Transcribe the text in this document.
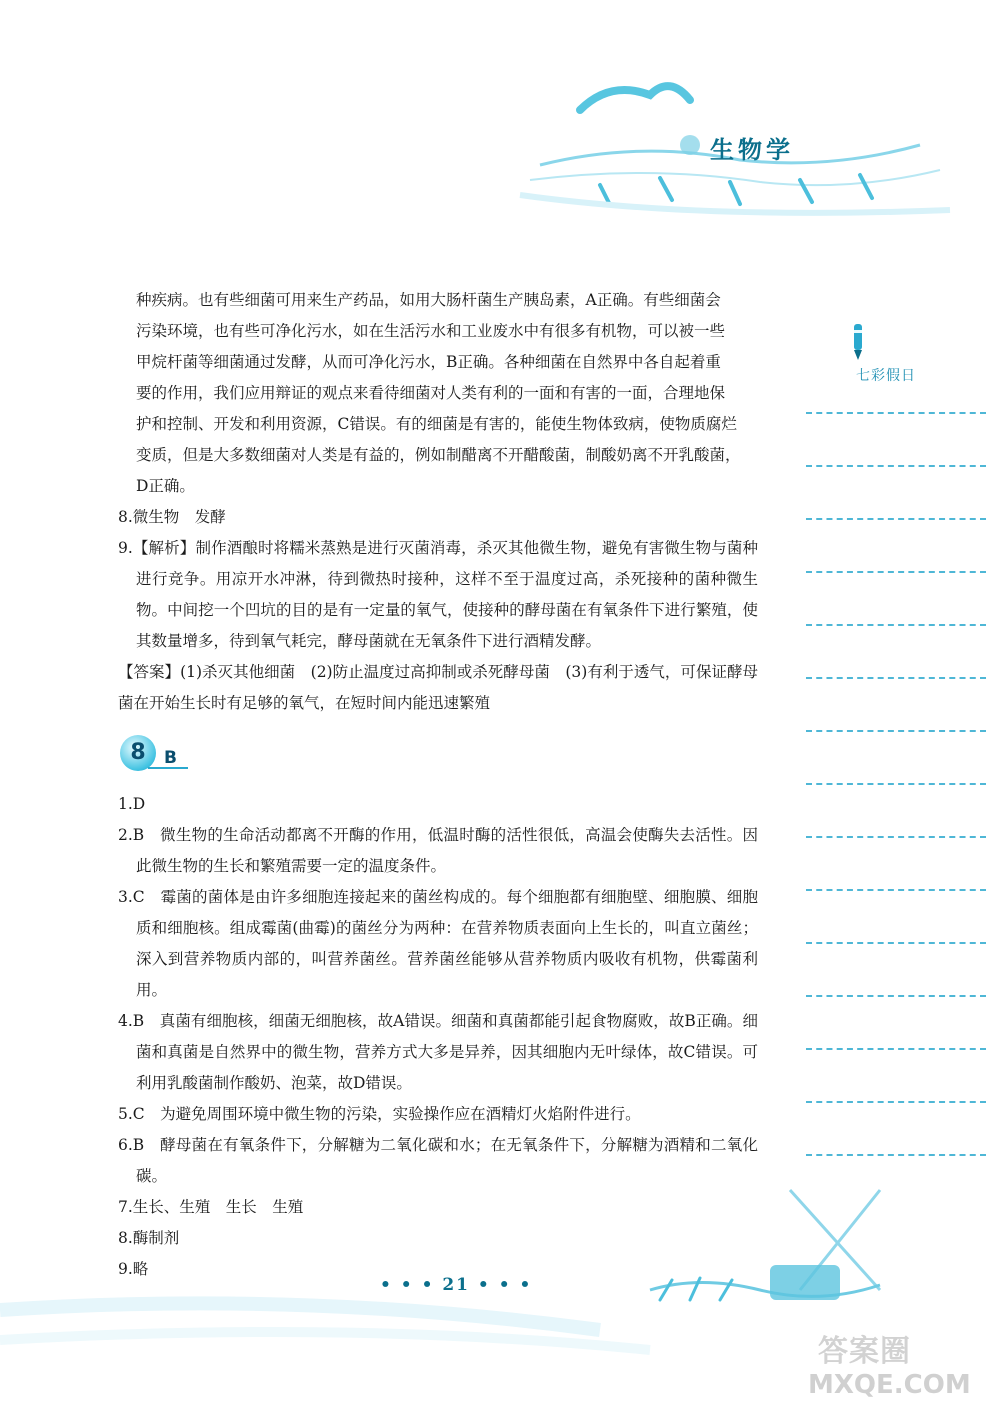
生物学

种疾病。也有些细菌可用来生产药品，如用大肠杆菌生产胰岛素，A正确。有些细菌会

污染环境，也有些可净化污水，如在生活污水和工业废水中有很多有机物，可以被一些

甲烷杆菌等细菌通过发酵，从而可净化污水，B正确。各种细菌在自然界中各自起着重

要的作用，我们应用辩证的观点来看待细菌对人类有利的一面和有害的一面，合理地保

护和控制、开发和利用资源，C错误。有的细菌是有害的，能使生物体致病，使物质腐烂

变质，但是大多数细菌对人类是有益的，例如制醋离不开醋酸菌，制酸奶离不开乳酸菌，

D正确。

8.微生物　发酵

9.【解析】制作酒酿时将糯米蒸熟是进行灭菌消毒，杀灭其他微生物，避免有害微生物与菌种进行竞争。用凉开水冲淋，待到微热时接种，这样不至于温度过高，杀死接种的菌种微生物。中间挖一个凹坑的目的是有一定量的氧气，使接种的酵母菌在有氧条件下进行繁殖，使其数量增多，待到氧气耗完，酵母菌就在无氧条件下进行酒精发酵。

【答案】(1)杀灭其他细菌　(2)防止温度过高抑制或杀死酵母菌　(3)有利于透气，可保证酵母菌在开始生长时有足够的氧气，在短时间内能迅速繁殖

8	B

1.D

2.B　微生物的生命活动都离不开酶的作用，低温时酶的活性很低，高温会使酶失去活性。因此微生物的生长和繁殖需要一定的温度条件。

3.C　霉菌的菌体是由许多细胞连接起来的菌丝构成的。每个细胞都有细胞壁、细胞膜、细胞质和细胞核。组成霉菌(曲霉)的菌丝分为两种：在营养物质表面向上生长的，叫直立菌丝；深入到营养物质内部的，叫营养菌丝。营养菌丝能够从营养物质内吸收有机物，供霉菌利用。

4.B　真菌有细胞核，细菌无细胞核，故A错误。细菌和真菌都能引起食物腐败，故B正确。细菌和真菌是自然界中的微生物，营养方式大多是异养，因其细胞内无叶绿体，故C错误。可利用乳酸菌制作酸奶、泡菜，故D错误。

5.C　为避免周围环境中微生物的污染，实验操作应在酒精灯火焰附件进行。

6.B　酵母菌在有氧条件下，分解糖为二氧化碳和水；在无氧条件下，分解糖为酒精和二氧化碳。

7.生长、生殖　生长　生殖

8.酶制剂

9.略

七彩假日
• • • 21 • • •
答案圈
MXQE.COM
